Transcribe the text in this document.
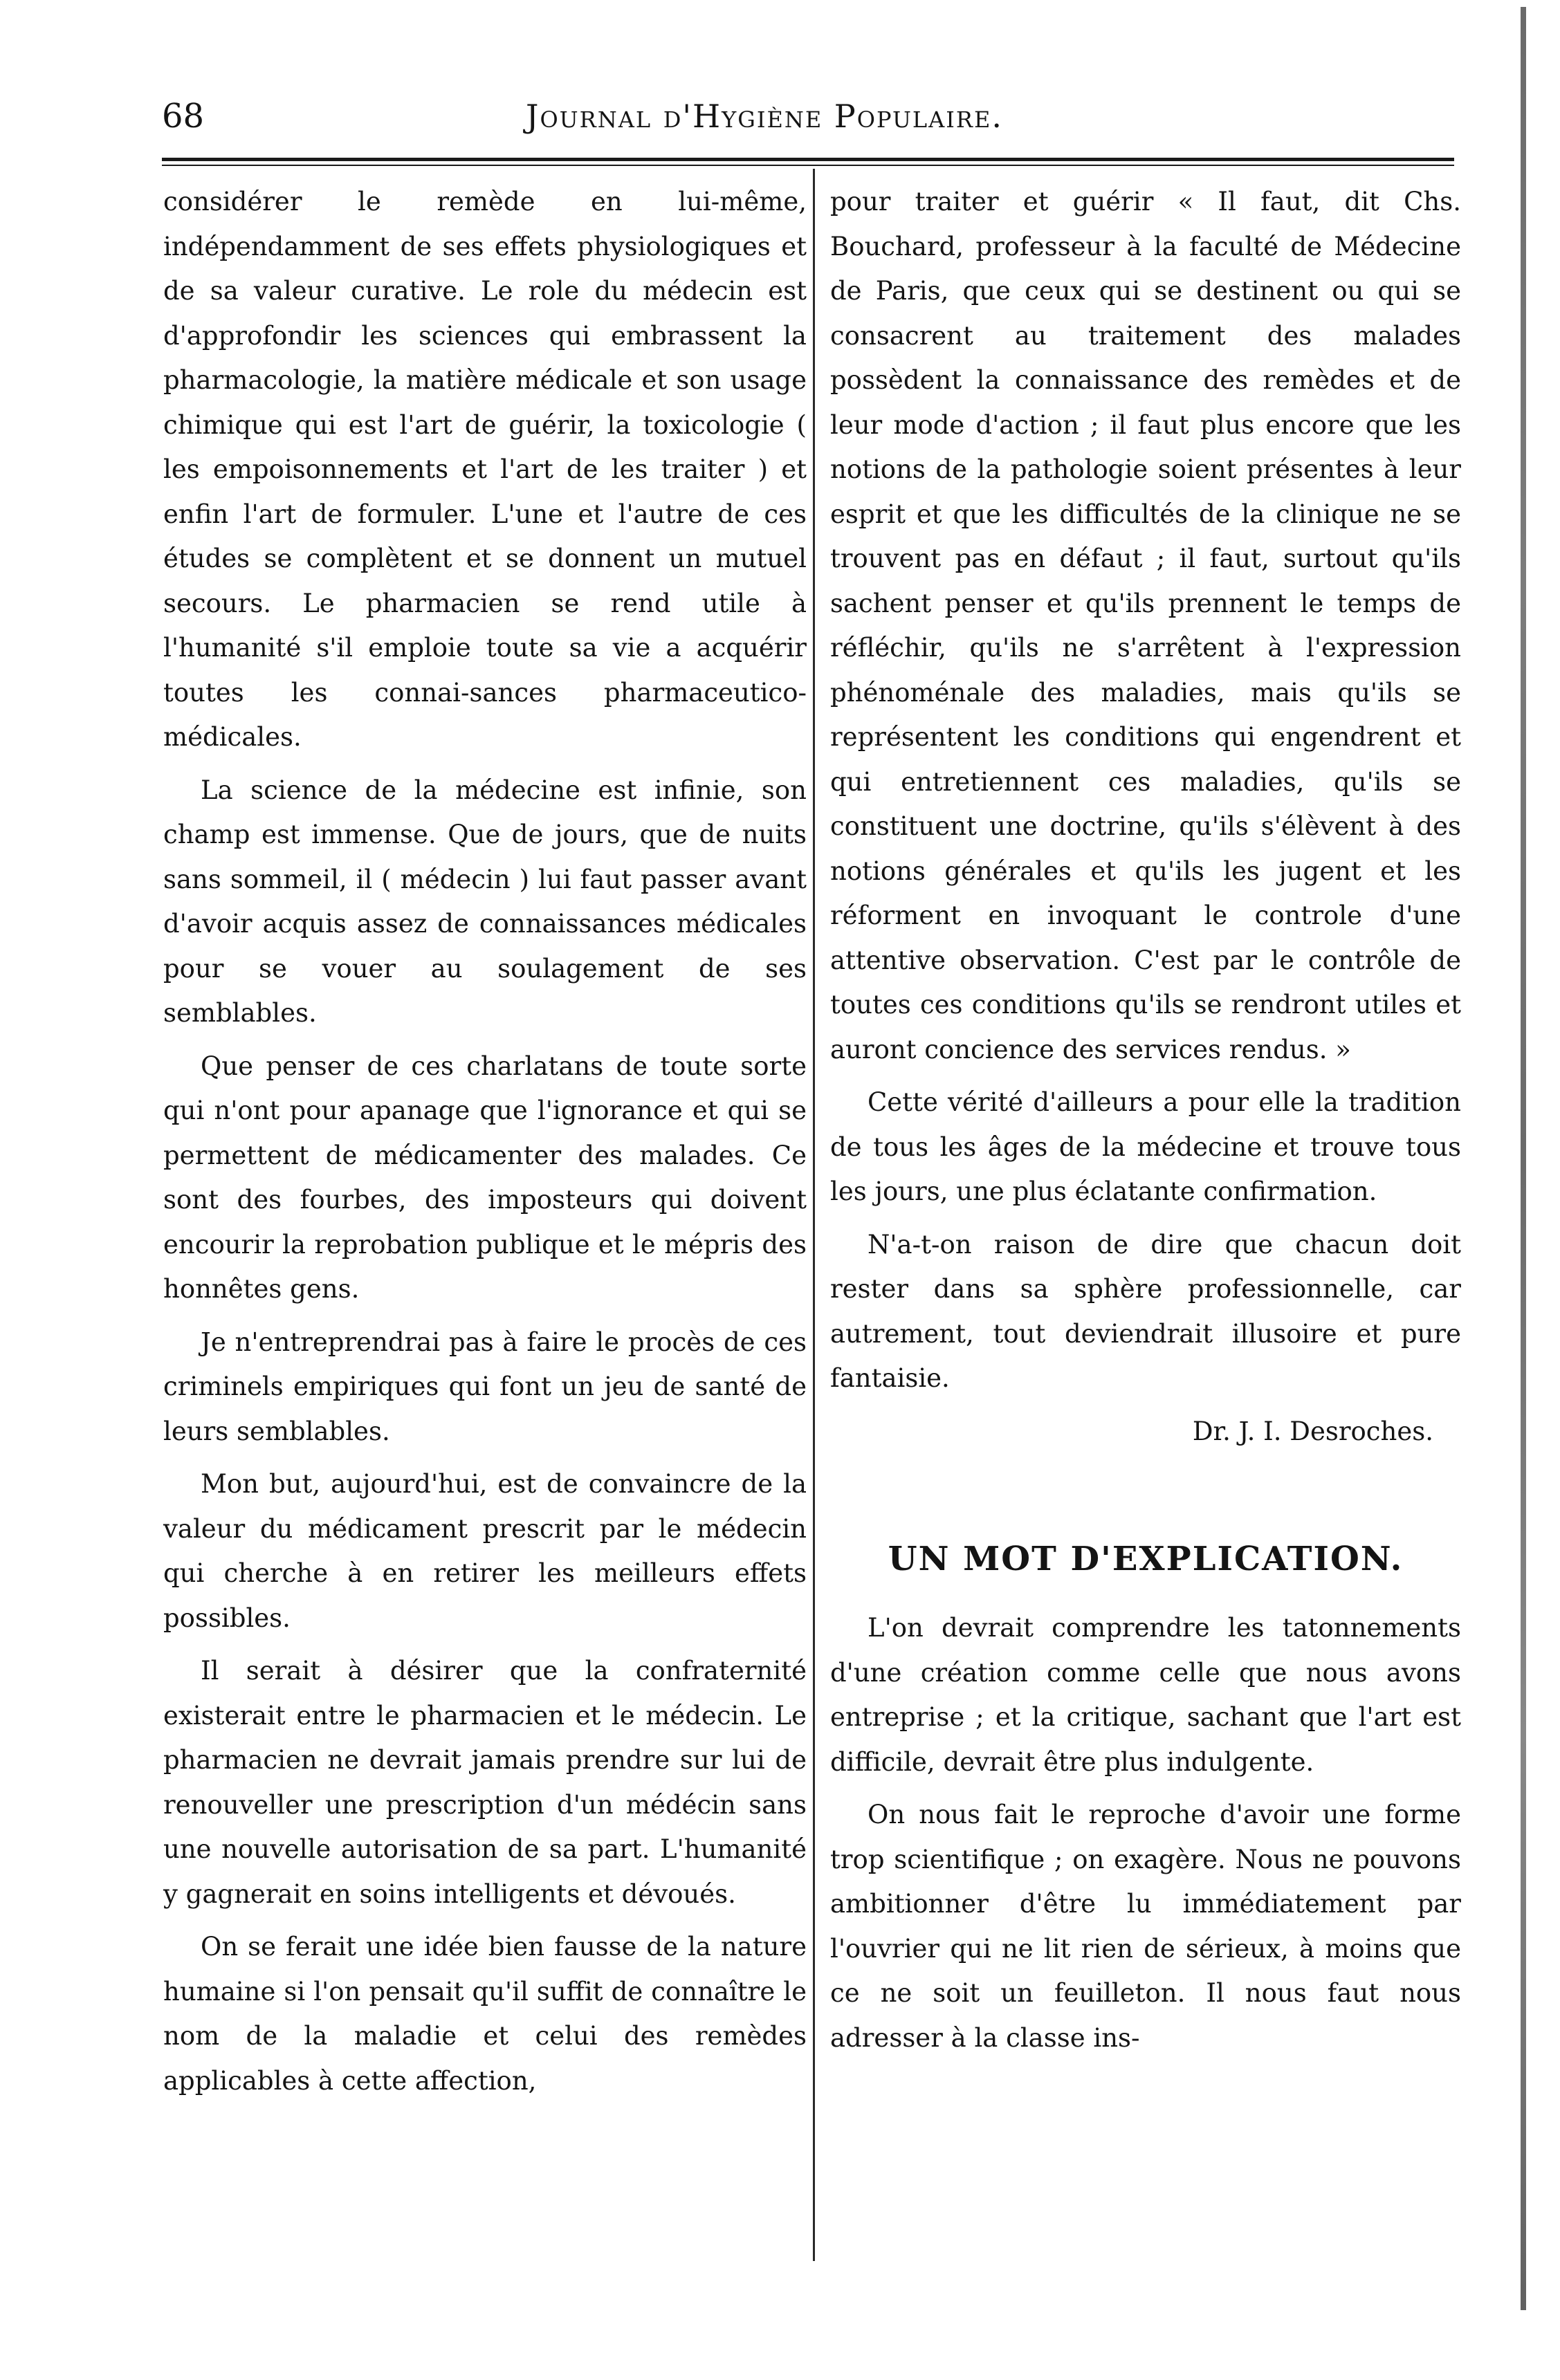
68	Journal d'Hygiène Populaire.

considérer le remède en lui-même, indépendamment de ses effets physiologiques et de sa valeur curative. Le role du médecin est d'approfondir les sciences qui embrassent la pharmacologie, la matière médicale et son usage chimique qui est l'art de guérir, la toxicologie ( les empoisonnements et l'art de les traiter ) et enfin l'art de formuler. L'une et l'autre de ces études se complètent et se donnent un mutuel secours. Le pharmacien se rend utile à l'humanité s'il emploie toute sa vie a acquérir toutes les connai-sances pharmaceutico-médicales.

La science de la médecine est infinie, son champ est immense. Que de jours, que de nuits sans sommeil, il ( médecin ) lui faut passer avant d'avoir acquis assez de connaissances médicales pour se vouer au soulagement de ses semblables.

Que penser de ces charlatans de toute sorte qui n'ont pour apanage que l'ignorance et qui se permettent de médicamenter des malades. Ce sont des fourbes, des imposteurs qui doivent encourir la reprobation publique et le mépris des honnêtes gens.

Je n'entreprendrai pas à faire le procès de ces criminels empiriques qui font un jeu de santé de leurs semblables.

Mon but, aujourd'hui, est de convaincre de la valeur du médicament prescrit par le médecin qui cherche à en retirer les meilleurs effets possibles.

Il serait à désirer que la confraternité existerait entre le pharmacien et le médecin. Le pharmacien ne devrait jamais prendre sur lui de renouveller une prescription d'un médécin sans une nouvelle autorisation de sa part. L'humanité y gagnerait en soins intelligents et dévoués.

On se ferait une idée bien fausse de la nature humaine si l'on pensait qu'il suffit de connaître le nom de la maladie et celui des remèdes applicables à cette affection,

pour traiter et guérir « Il faut, dit Chs. Bouchard, professeur à la faculté de Médecine de Paris, que ceux qui se destinent ou qui se consacrent au traitement des malades possèdent la connaissance des remèdes et de leur mode d'action ; il faut plus encore que les notions de la pathologie soient présentes à leur esprit et que les difficultés de la clinique ne se trouvent pas en défaut ; il faut, surtout qu'ils sachent penser et qu'ils prennent le temps de réfléchir, qu'ils ne s'arrêtent à l'expression phénoménale des maladies, mais qu'ils se représentent les conditions qui engendrent et qui entretiennent ces maladies, qu'ils se constituent une doctrine, qu'ils s'élèvent à des notions générales et qu'ils les jugent et les réforment en invoquant le controle d'une attentive observation. C'est par le contrôle de toutes ces conditions qu'ils se rendront utiles et auront concience des services rendus. »

Cette vérité d'ailleurs a pour elle la tradition de tous les âges de la médecine et trouve tous les jours, une plus éclatante confirmation.

N'a-t-on raison de dire que chacun doit rester dans sa sphère professionnelle, car autrement, tout deviendrait illusoire et pure fantaisie.

Dr. J. I. Desroches.

UN MOT D'EXPLICATION.

L'on devrait comprendre les tatonnements d'une création comme celle que nous avons entreprise ; et la critique, sachant que l'art est difficile, devrait être plus indulgente.

On nous fait le reproche d'avoir une forme trop scientifique ; on exagère. Nous ne pouvons ambitionner d'être lu immédiatement par l'ouvrier qui ne lit rien de sérieux, à moins que ce ne soit un feuilleton. Il nous faut nous adresser à la classe ins-
